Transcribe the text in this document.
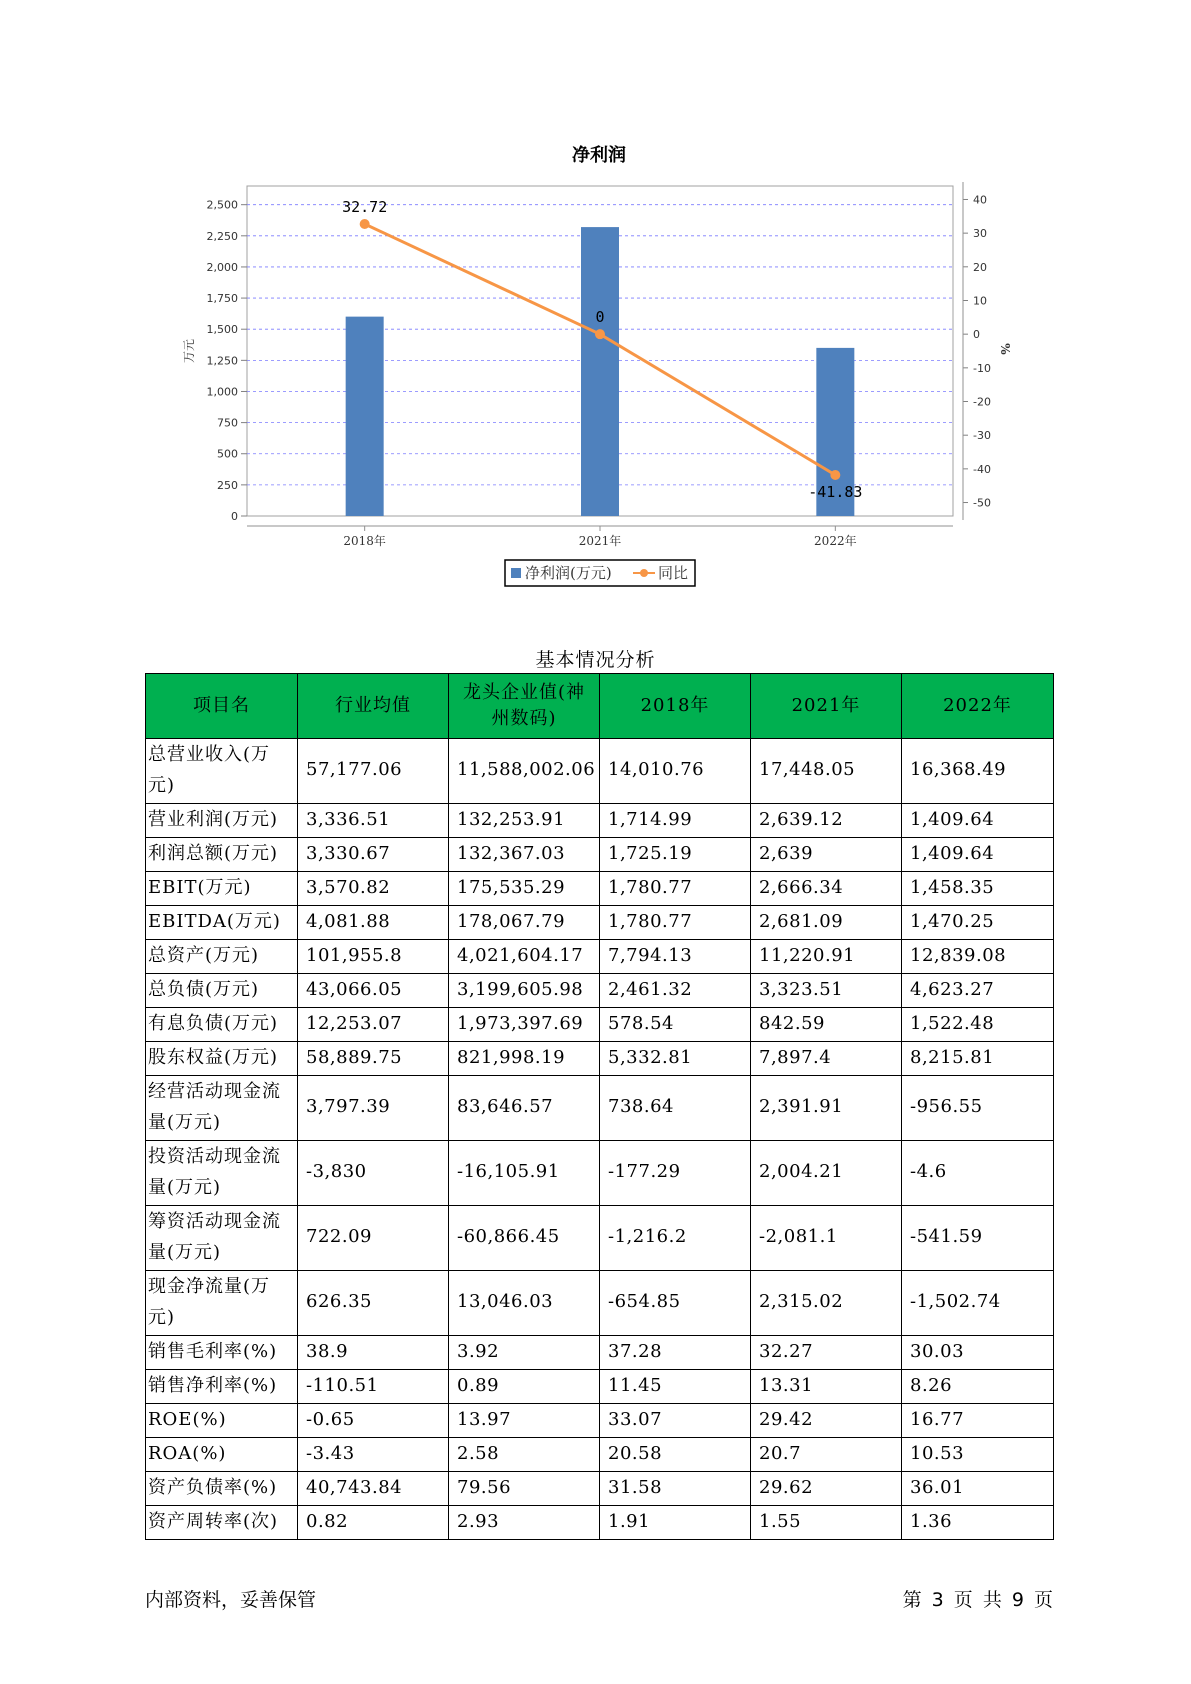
净利润
0
250
500
750
1,000
1,250
1,500
1,750
2,000
2,250
2,500
-50
-40
-30
-20
-10
0
10
20
30
40
万元	%
2018年	2021年	2022年
32.72
0
-41.83
净利润(万元)	同比
基本情况分析
项目名	行业均值	龙头企业值(神州数码)	2018年	2021年	2022年
总营业收入(万元)	57,177.06	11,588,002.06	14,010.76	17,448.05	16,368.49
营业利润(万元)	3,336.51	132,253.91	1,714.99	2,639.12	1,409.64
利润总额(万元)	3,330.67	132,367.03	1,725.19	2,639	1,409.64
EBIT(万元)	3,570.82	175,535.29	1,780.77	2,666.34	1,458.35
EBITDA(万元)	4,081.88	178,067.79	1,780.77	2,681.09	1,470.25
总资产(万元)	101,955.8	4,021,604.17	7,794.13	11,220.91	12,839.08
总负债(万元)	43,066.05	3,199,605.98	2,461.32	3,323.51	4,623.27
有息负债(万元)	12,253.07	1,973,397.69	578.54	842.59	1,522.48
股东权益(万元)	58,889.75	821,998.19	5,332.81	7,897.4	8,215.81
经营活动现金流量(万元)	3,797.39	83,646.57	738.64	2,391.91	-956.55
投资活动现金流量(万元)	-3,830	-16,105.91	-177.29	2,004.21	-4.6
筹资活动现金流量(万元)	722.09	-60,866.45	-1,216.2	-2,081.1	-541.59
现金净流量(万元)	626.35	13,046.03	-654.85	2,315.02	-1,502.74
销售毛利率(%)	38.9	3.92	37.28	32.27	30.03
销售净利率(%)	-110.51	0.89	11.45	13.31	8.26
ROE(%)	-0.65	13.97	33.07	29.42	16.77
ROA(%)	-3.43	2.58	20.58	20.7	10.53
资产负债率(%)	40,743.84	79.56	31.58	29.62	36.01
资产周转率(次)	0.82	2.93	1.91	1.55	1.36
内部资料，妥善保管	第 3 页 共 9 页
